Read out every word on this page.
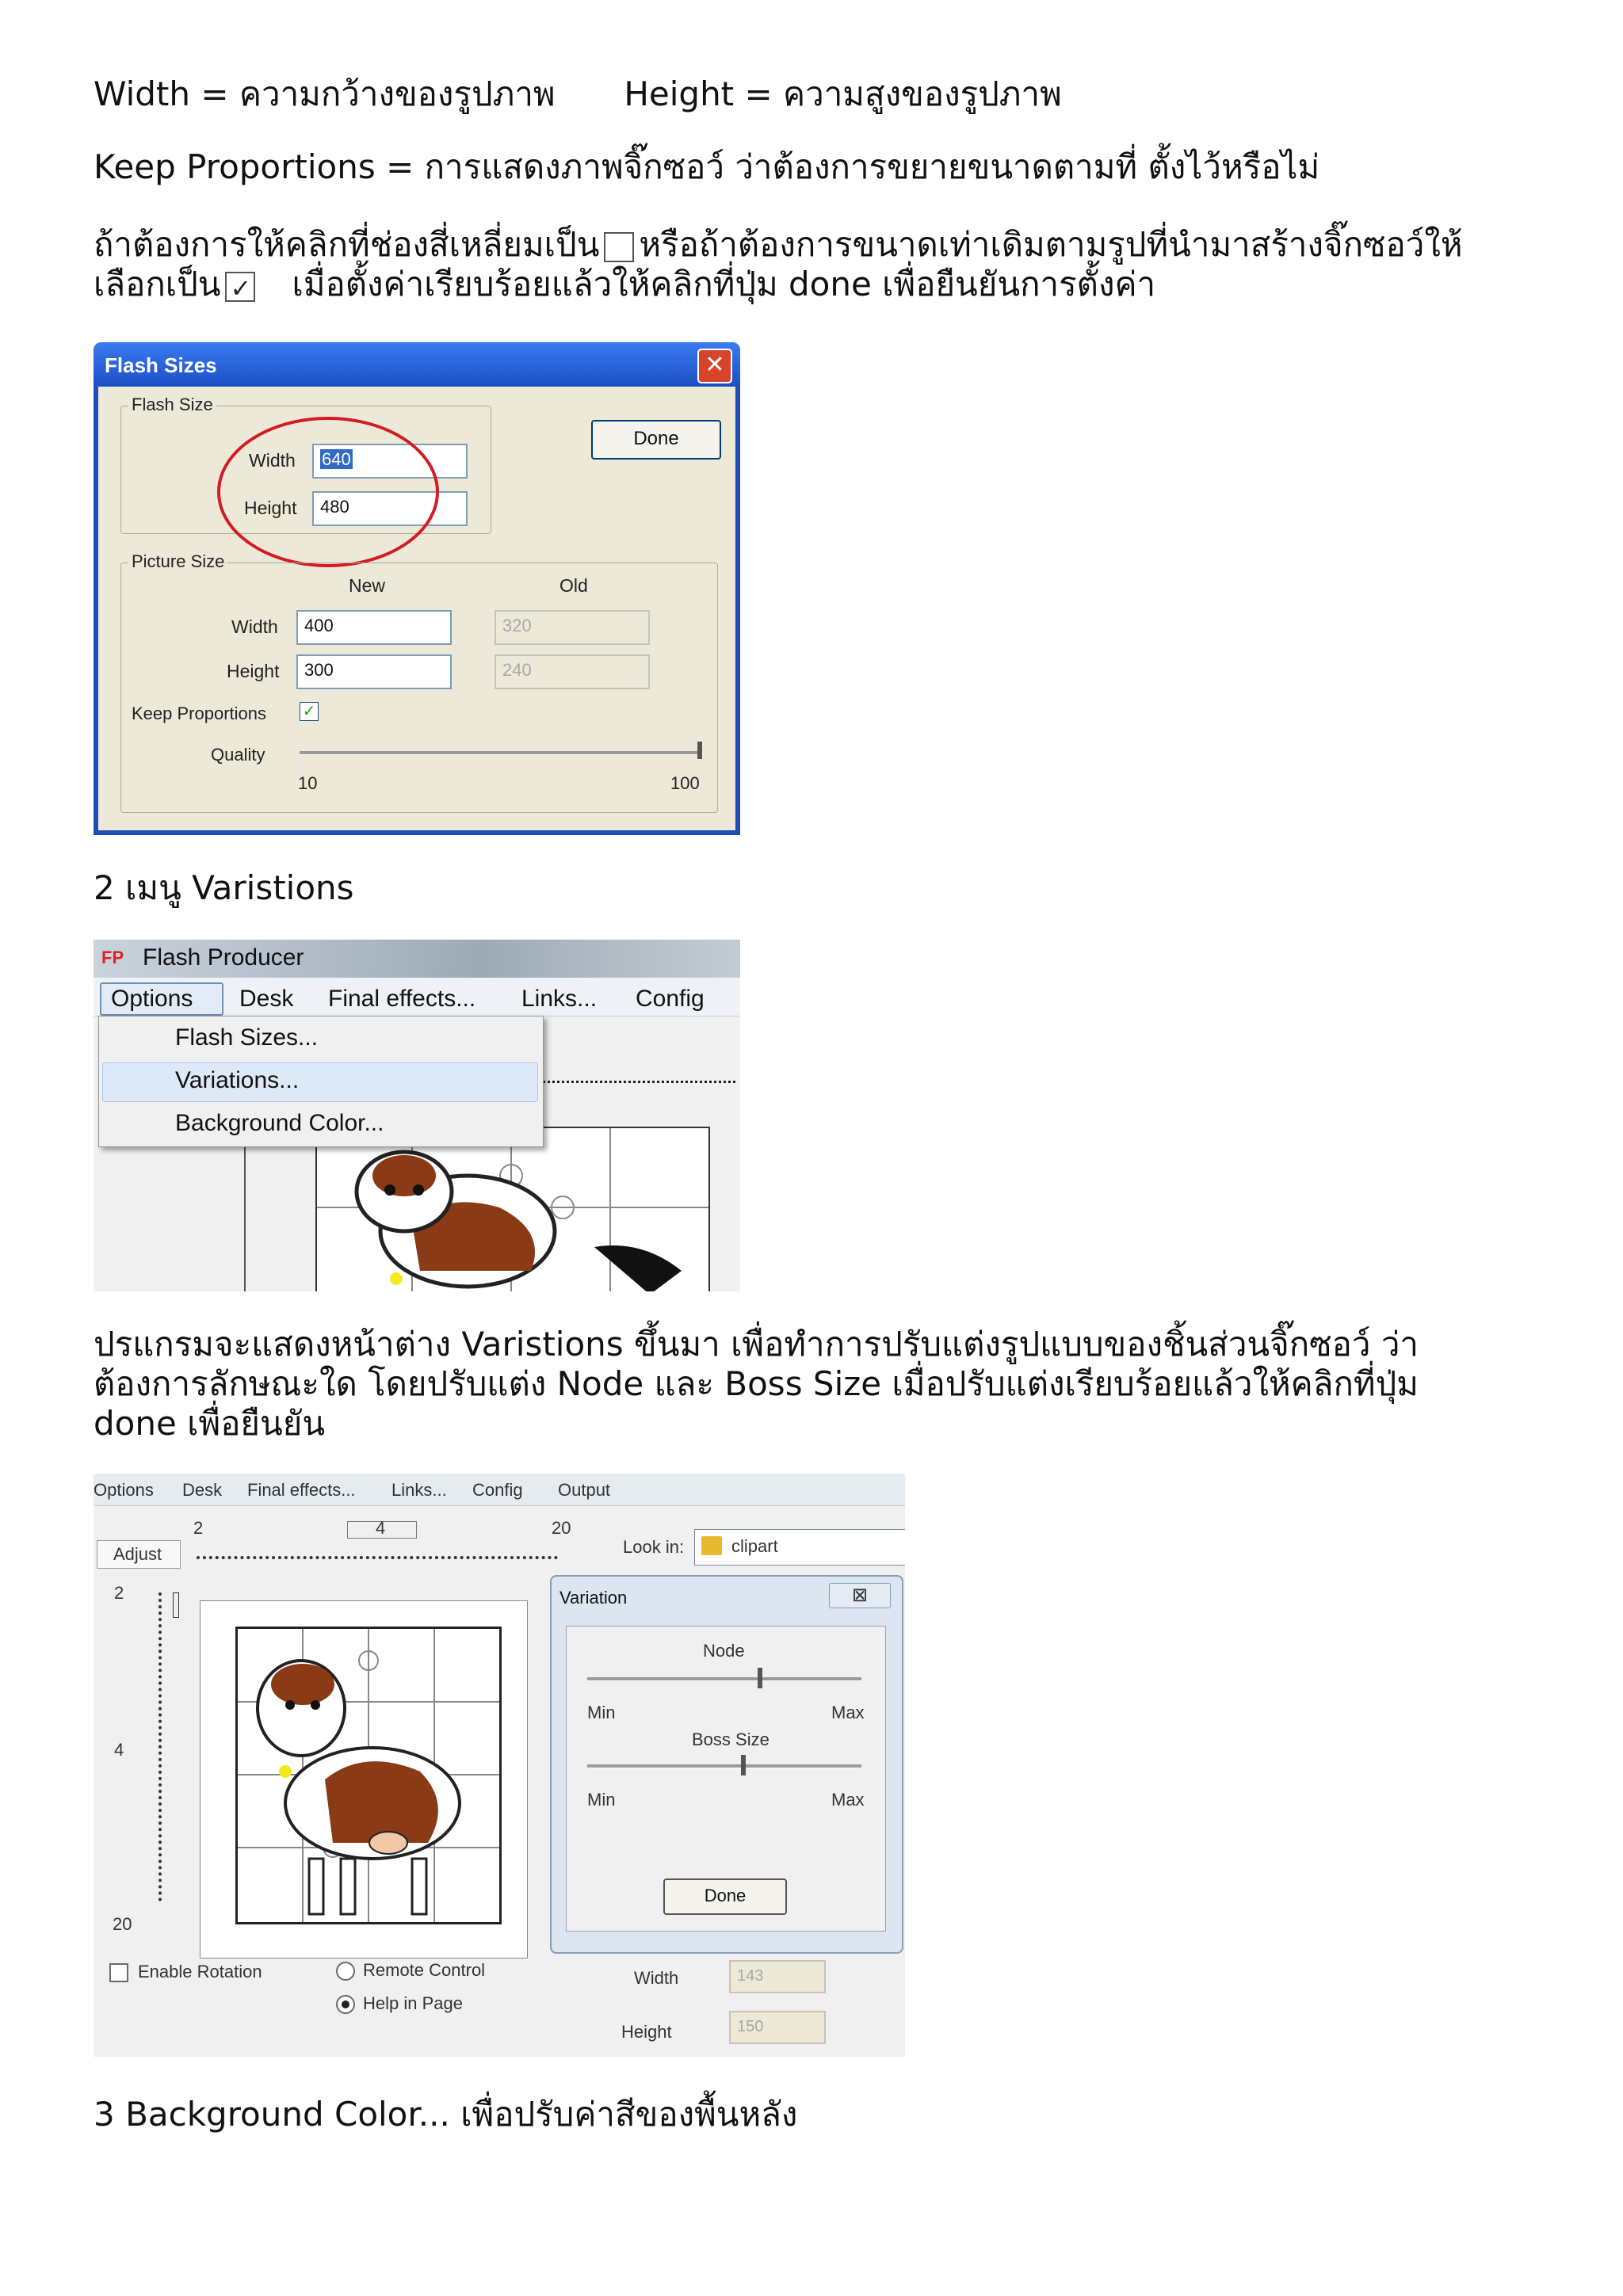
Width = ความกว้างของรูปภาพ Height = ความสูงของรูปภาพ
Keep Proportions = การแสดงภาพจิ๊กซอว์ ว่าต้องการขยายขนาดตามที่ ตั้งไว้หรือไม่
ถ้าต้องการให้คลิกที่ช่องสี่เหลี่ยมเป็น หรือถ้าต้องการขนาดเท่าเดิมตามรูปที่นำมาสร้างจิ๊กซอว์ให้
เลือกเป็น ✓ เมื่อตั้งค่าเรียบร้อยแล้วให้คลิกที่ปุ่ม done เพื่อยืนยันการตั้งค่า
Flash Sizes	✕
Flash Size
Width	640
Height	480
Done
Picture Size
New	Old
Width	400	320
Height	300	240
Keep Proportions ✓
Quality
10	100
2 เมนู Varistions
FP Flash Producer
Options Desk Final effects... Links... Config
Flash Sizes...
Variations...
Background Color...
ปรแกรมจะแสดงหน้าต่าง Varistions ขึ้นมา เพื่อทำการปรับแต่งรูปแบบของชิ้นส่วนจิ๊กซอว์ ว่า
ต้องการลักษณะใด โดยปรับแต่ง Node และ Boss Size เมื่อปรับแต่งเรียบร้อยแล้วให้คลิกที่ปุ่ม
done เพื่อยืนยัน
Options Desk Final effects... Links... Config Output
Adjust
2	4	20
Look in:	clipart
2
4
20
Variation	⊠
Node
Min	Max
Boss Size
Min	Max
Done
Enable Rotation	Remote Control
Help in Page
Width	143
Height	150
3 Background Color... เพื่อปรับค่าสีของพื้นหลัง
